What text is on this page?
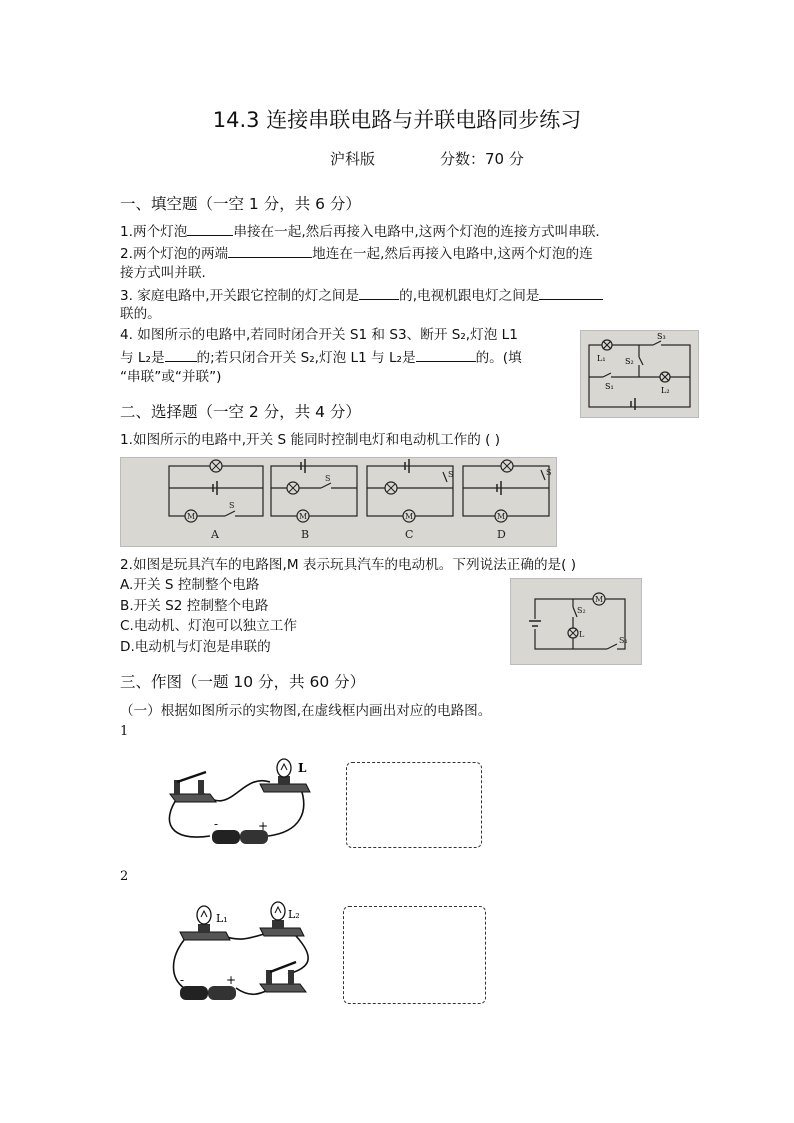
14.3 连接串联电路与并联电路同步练习
沪科版	分数：70 分
一、填空题（一空 1 分，共 6 分）
1.两个灯泡	串接在一起,然后再接入电路中,这两个灯泡的连接方式叫串联.
2.两个灯泡的两端	地连在一起,然后再接入电路中,这两个灯泡的连
接方式叫并联.
3. 家庭电路中,开关跟它控制的灯之间是	的,电视机跟电灯之间是
联的。
4. 如图所示的电路中,若同时闭合开关 S1 和 S3、断开 S₂,灯泡 L1
与 L₂是 的;若只闭合开关 S₂,灯泡 L1 与 L₂是	的。(填
“串联”或“并联”)
L₁ S₂
S₃
S₁	L₂
二、选择题（一空 2 分，共 4 分）
1.如图所示的电路中,开关 S 能同时控制电灯和电动机工作的 ( )
M	M	M	M
S
S	S	S
A	B	C	D
2.如图是玩具汽车的电路图,M 表示玩具汽车的电动机。下列说法正确的是( )
A.开关 S 控制整个电路
B.开关 S2 控制整个电路
C.电动机、灯泡可以独立工作
D.电动机与灯泡是串联的
M
S₂
L
S₁
三、作图（一题 10 分，共 60 分）
（一）根据如图所示的实物图,在虚线框内画出对应的电路图。
1
L
-	+
2
L₁	L₂
-	+
